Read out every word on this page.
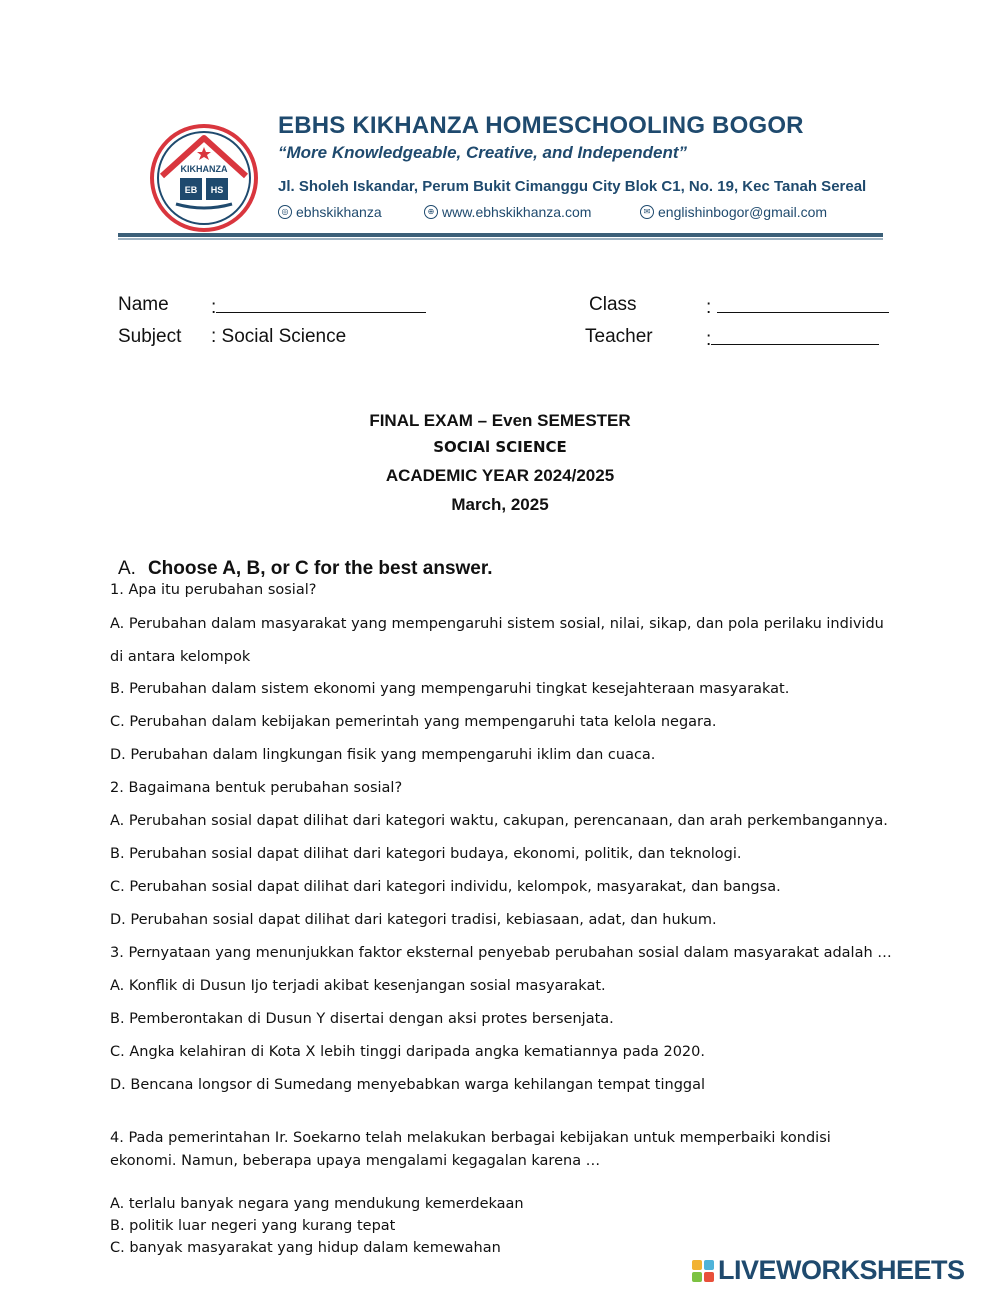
KIKHANZA
EB HS
EBHS KIKHANZA HOMESCHOOLING BOGOR
“More Knowledgeable, Creative, and Independent”
Jl. Sholeh Iskandar, Perum Bukit Cimanggu City Blok C1, No. 19, Kec Tanah Sereal
◎ ebhskikhanza	⊕ www.ebhskikhanza.com	✉ englishinbogor@gmail.com
Name :	Class	:
Subject : Social Science	Teacher	:
FINAL EXAM – Even SEMESTER
SOCIAl SCIENCE
ACADEMIC YEAR 2024/2025
March, 2025
A. Choose A, B, or C for the best answer.
1. Apa itu perubahan sosial?
A. Perubahan dalam masyarakat yang mempengaruhi sistem sosial, nilai, sikap, dan pola perilaku individu
di antara kelompok
B. Perubahan dalam sistem ekonomi yang mempengaruhi tingkat kesejahteraan masyarakat.
C. Perubahan dalam kebijakan pemerintah yang mempengaruhi tata kelola negara.
D. Perubahan dalam lingkungan fisik yang mempengaruhi iklim dan cuaca.
2. Bagaimana bentuk perubahan sosial?
A. Perubahan sosial dapat dilihat dari kategori waktu, cakupan, perencanaan, dan arah perkembangannya.
B. Perubahan sosial dapat dilihat dari kategori budaya, ekonomi, politik, dan teknologi.
C. Perubahan sosial dapat dilihat dari kategori individu, kelompok, masyarakat, dan bangsa.
D. Perubahan sosial dapat dilihat dari kategori tradisi, kebiasaan, adat, dan hukum.
3. Pernyataan yang menunjukkan faktor eksternal penyebab perubahan sosial dalam masyarakat adalah …
A. Konflik di Dusun Ijo terjadi akibat kesenjangan sosial masyarakat.
B. Pemberontakan di Dusun Y disertai dengan aksi protes bersenjata.
C. Angka kelahiran di Kota X lebih tinggi daripada angka kematiannya pada 2020.
D. Bencana longsor di Sumedang menyebabkan warga kehilangan tempat tinggal
4. Pada pemerintahan Ir. Soekarno telah melakukan berbagai kebijakan untuk memperbaiki kondisi
ekonomi. Namun, beberapa upaya mengalami kegagalan karena …
A. terlalu banyak negara yang mendukung kemerdekaan
B. politik luar negeri yang kurang tepat
C. banyak masyarakat yang hidup dalam kemewahan
LIVEWORKSHEETS
